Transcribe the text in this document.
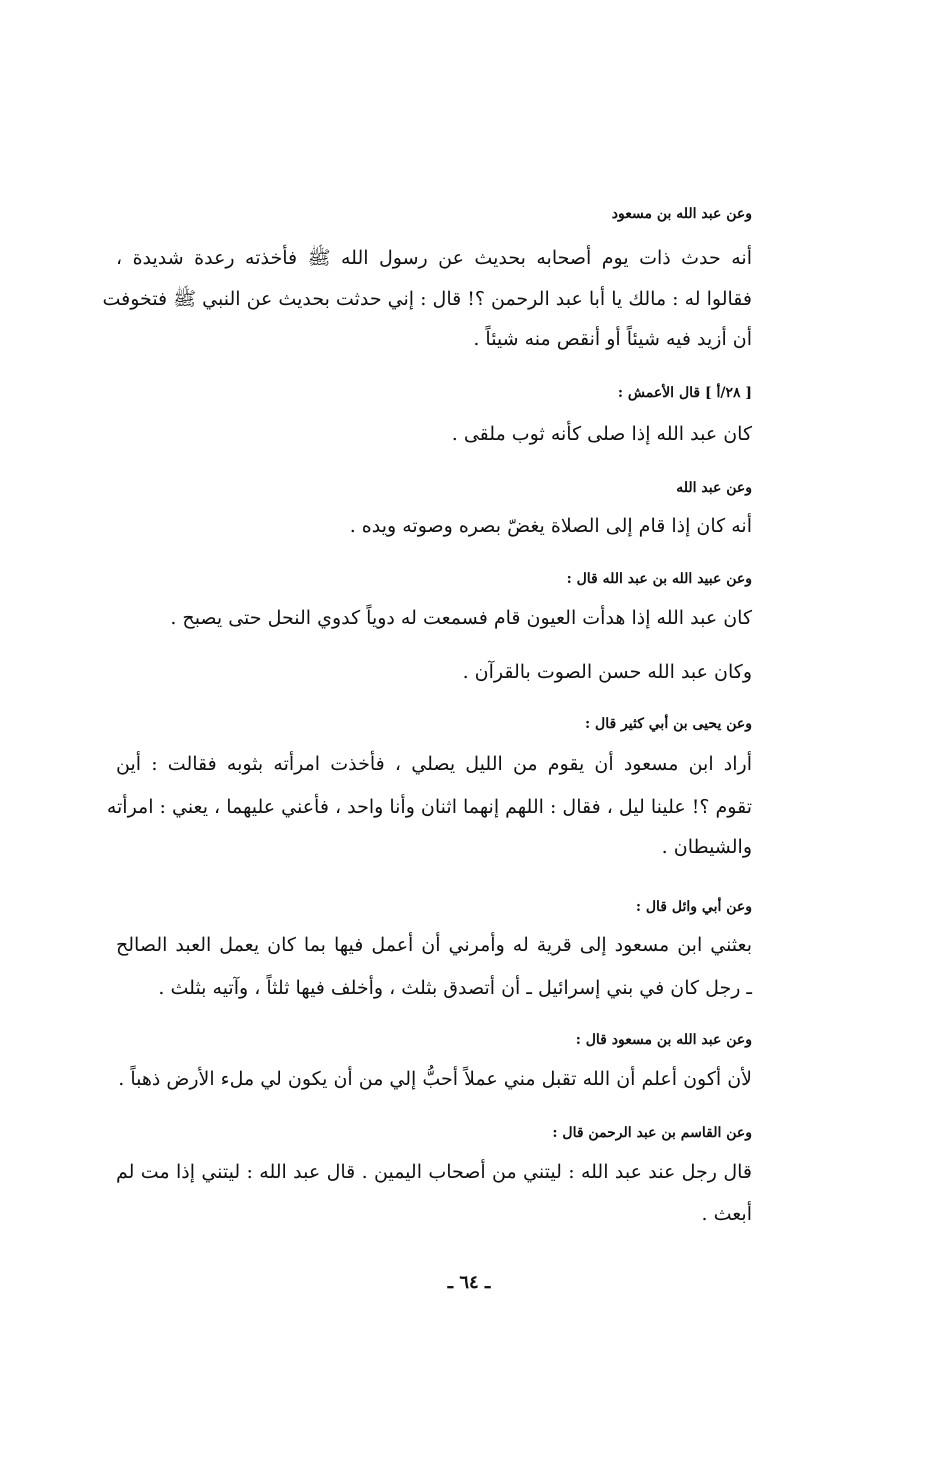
وعن عبد الله بن مسعود
أنه حدث ذات يوم أصحابه بحديث عن رسول الله ﷺ فأخذته رعدة شديدة ،
فقالوا له : مالك يا أبا عبد الرحمن ؟! قال : إني حدثت بحديث عن النبي ﷺ فتخوفت
أن أزيد فيه شيئاً أو أنقص منه شيئاً .
[ ٢٨/أ ] قال الأعمش :
كان عبد الله إذا صلى كأنه ثوب ملقى .
وعن عبد الله
أنه كان إذا قام إلى الصلاة يغضّ بصره وصوته ويده .
وعن عبيد الله بن عبد الله قال :
كان عبد الله إذا هدأت العيون قام فسمعت له دوياً كدوي النحل حتى يصبح .
وكان عبد الله حسن الصوت بالقرآن .
وعن يحيى بن أبي كثير قال :
أراد ابن مسعود أن يقوم من الليل يصلي ، فأخذت امرأته بثوبه فقالت : أين
تقوم ؟! علينا ليل ، فقال : اللهم إنهما اثنان وأنا واحد ، فأعني عليهما ، يعني : امرأته
والشيطان .
وعن أبي وائل قال :
بعثني ابن مسعود إلى قرية له وأمرني أن أعمل فيها بما كان يعمل العبد الصالح
ـ رجل كان في بني إسرائيل ـ أن أتصدق بثلث ، وأخلف فيها ثلثاً ، وآتيه بثلث .
وعن عبد الله بن مسعود قال :
لأن أكون أعلم أن الله تقبل مني عملاً أحبُّ إلي من أن يكون لي ملء الأرض ذهباً .
وعن القاسم بن عبد الرحمن قال :
قال رجل عند عبد الله : ليتني من أصحاب اليمين . قال عبد الله : ليتني إذا مت لم
أبعث .
ـ ٦٤ ـ
